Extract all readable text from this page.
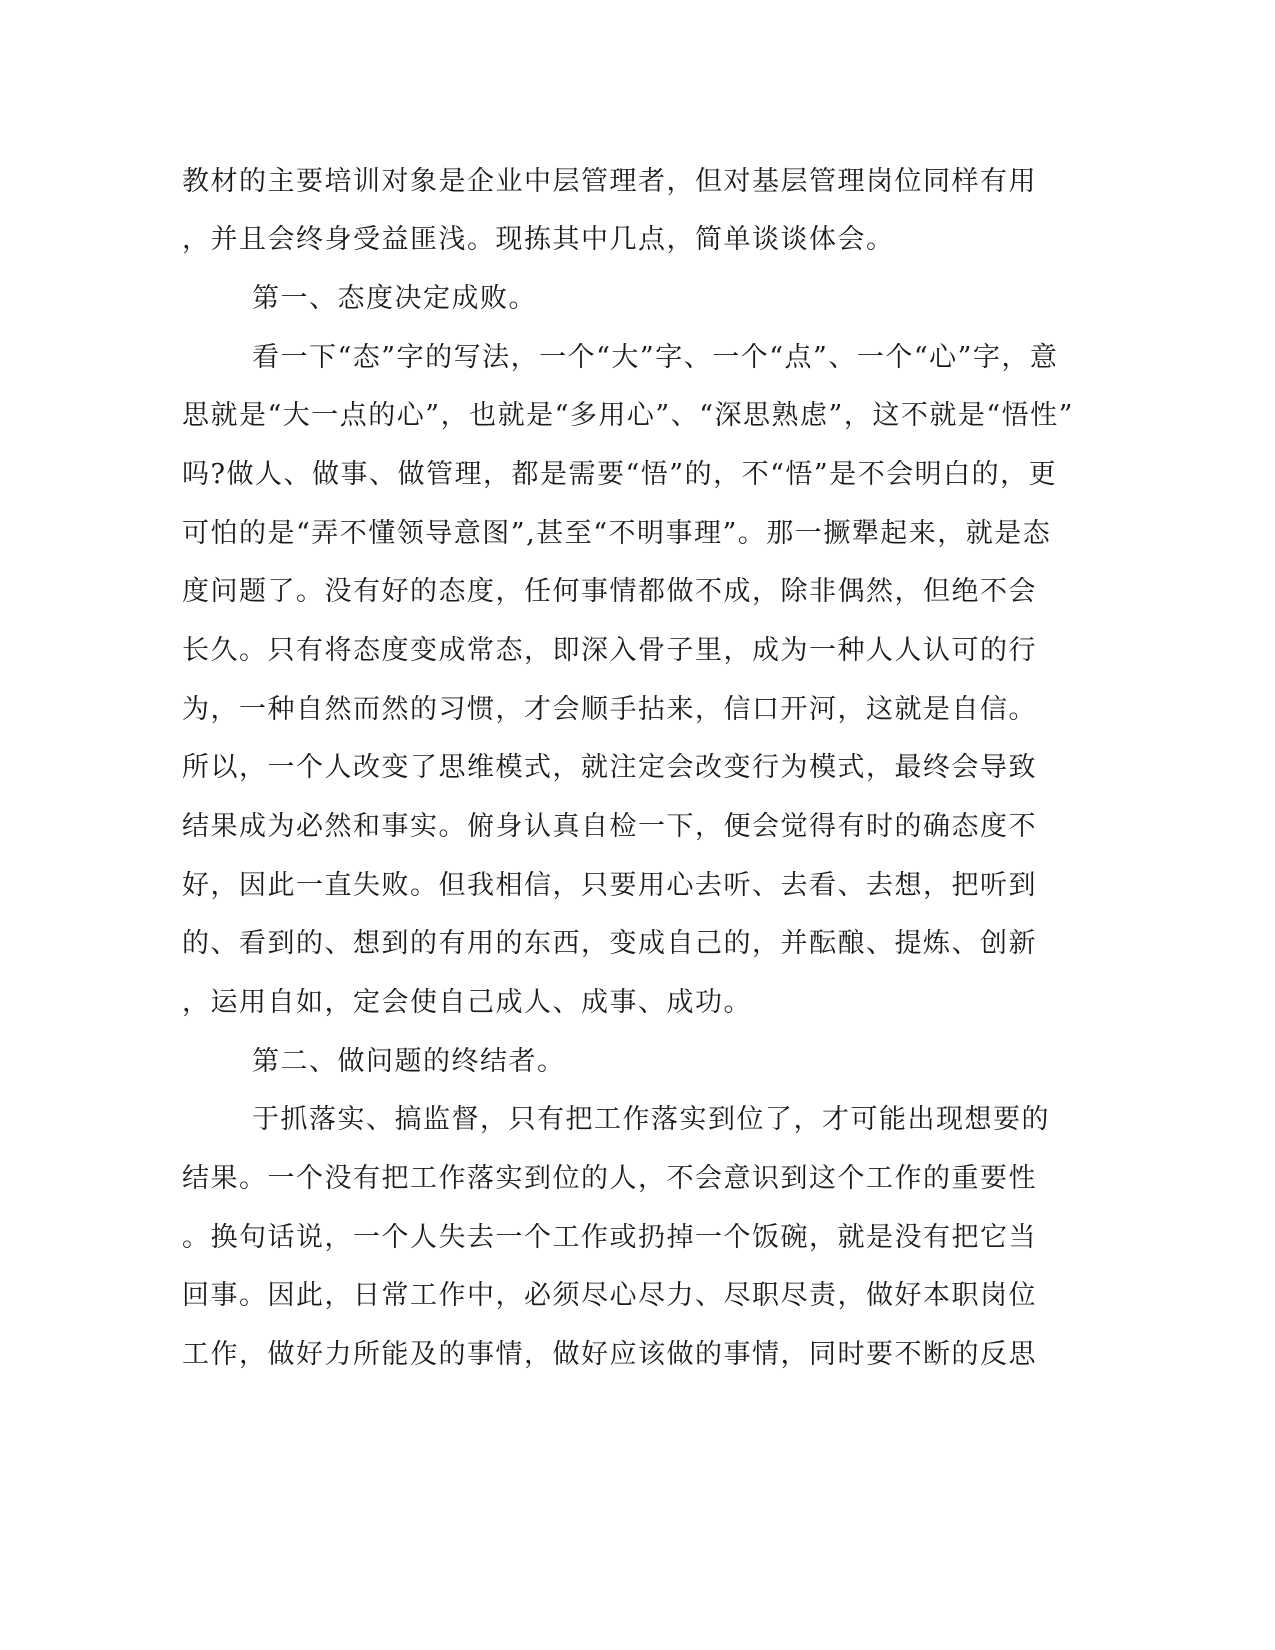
教材的主要培训对象是企业中层管理者，但对基层管理岗位同样有用
，并且会终身受益匪浅。现拣其中几点，简单谈谈体会。
第一、态度决定成败。
看一下“态”字的写法，一个“大”字、一个“点”、一个“心”字，意
思就是“大一点的心”，也就是“多用心”、“深思熟虑”，这不就是“悟性”
吗?做人、做事、做管理，都是需要“悟”的，不“悟”是不会明白的，更
可怕的是“弄不懂领导意图”,甚至“不明事理”。那一撅犟起来，就是态
度问题了。没有好的态度，任何事情都做不成，除非偶然，但绝不会
长久。只有将态度变成常态，即深入骨子里，成为一种人人认可的行
为，一种自然而然的习惯，才会顺手拈来，信口开河，这就是自信。
所以，一个人改变了思维模式，就注定会改变行为模式，最终会导致
结果成为必然和事实。俯身认真自检一下，便会觉得有时的确态度不
好，因此一直失败。但我相信，只要用心去听、去看、去想，把听到
的、看到的、想到的有用的东西，变成自己的，并酝酿、提炼、创新
，运用自如，定会使自己成人、成事、成功。
第二、做问题的终结者。
于抓落实、搞监督，只有把工作落实到位了，才可能出现想要的
结果。一个没有把工作落实到位的人，不会意识到这个工作的重要性
。换句话说，一个人失去一个工作或扔掉一个饭碗，就是没有把它当
回事。因此，日常工作中，必须尽心尽力、尽职尽责，做好本职岗位
工作，做好力所能及的事情，做好应该做的事情，同时要不断的反思
